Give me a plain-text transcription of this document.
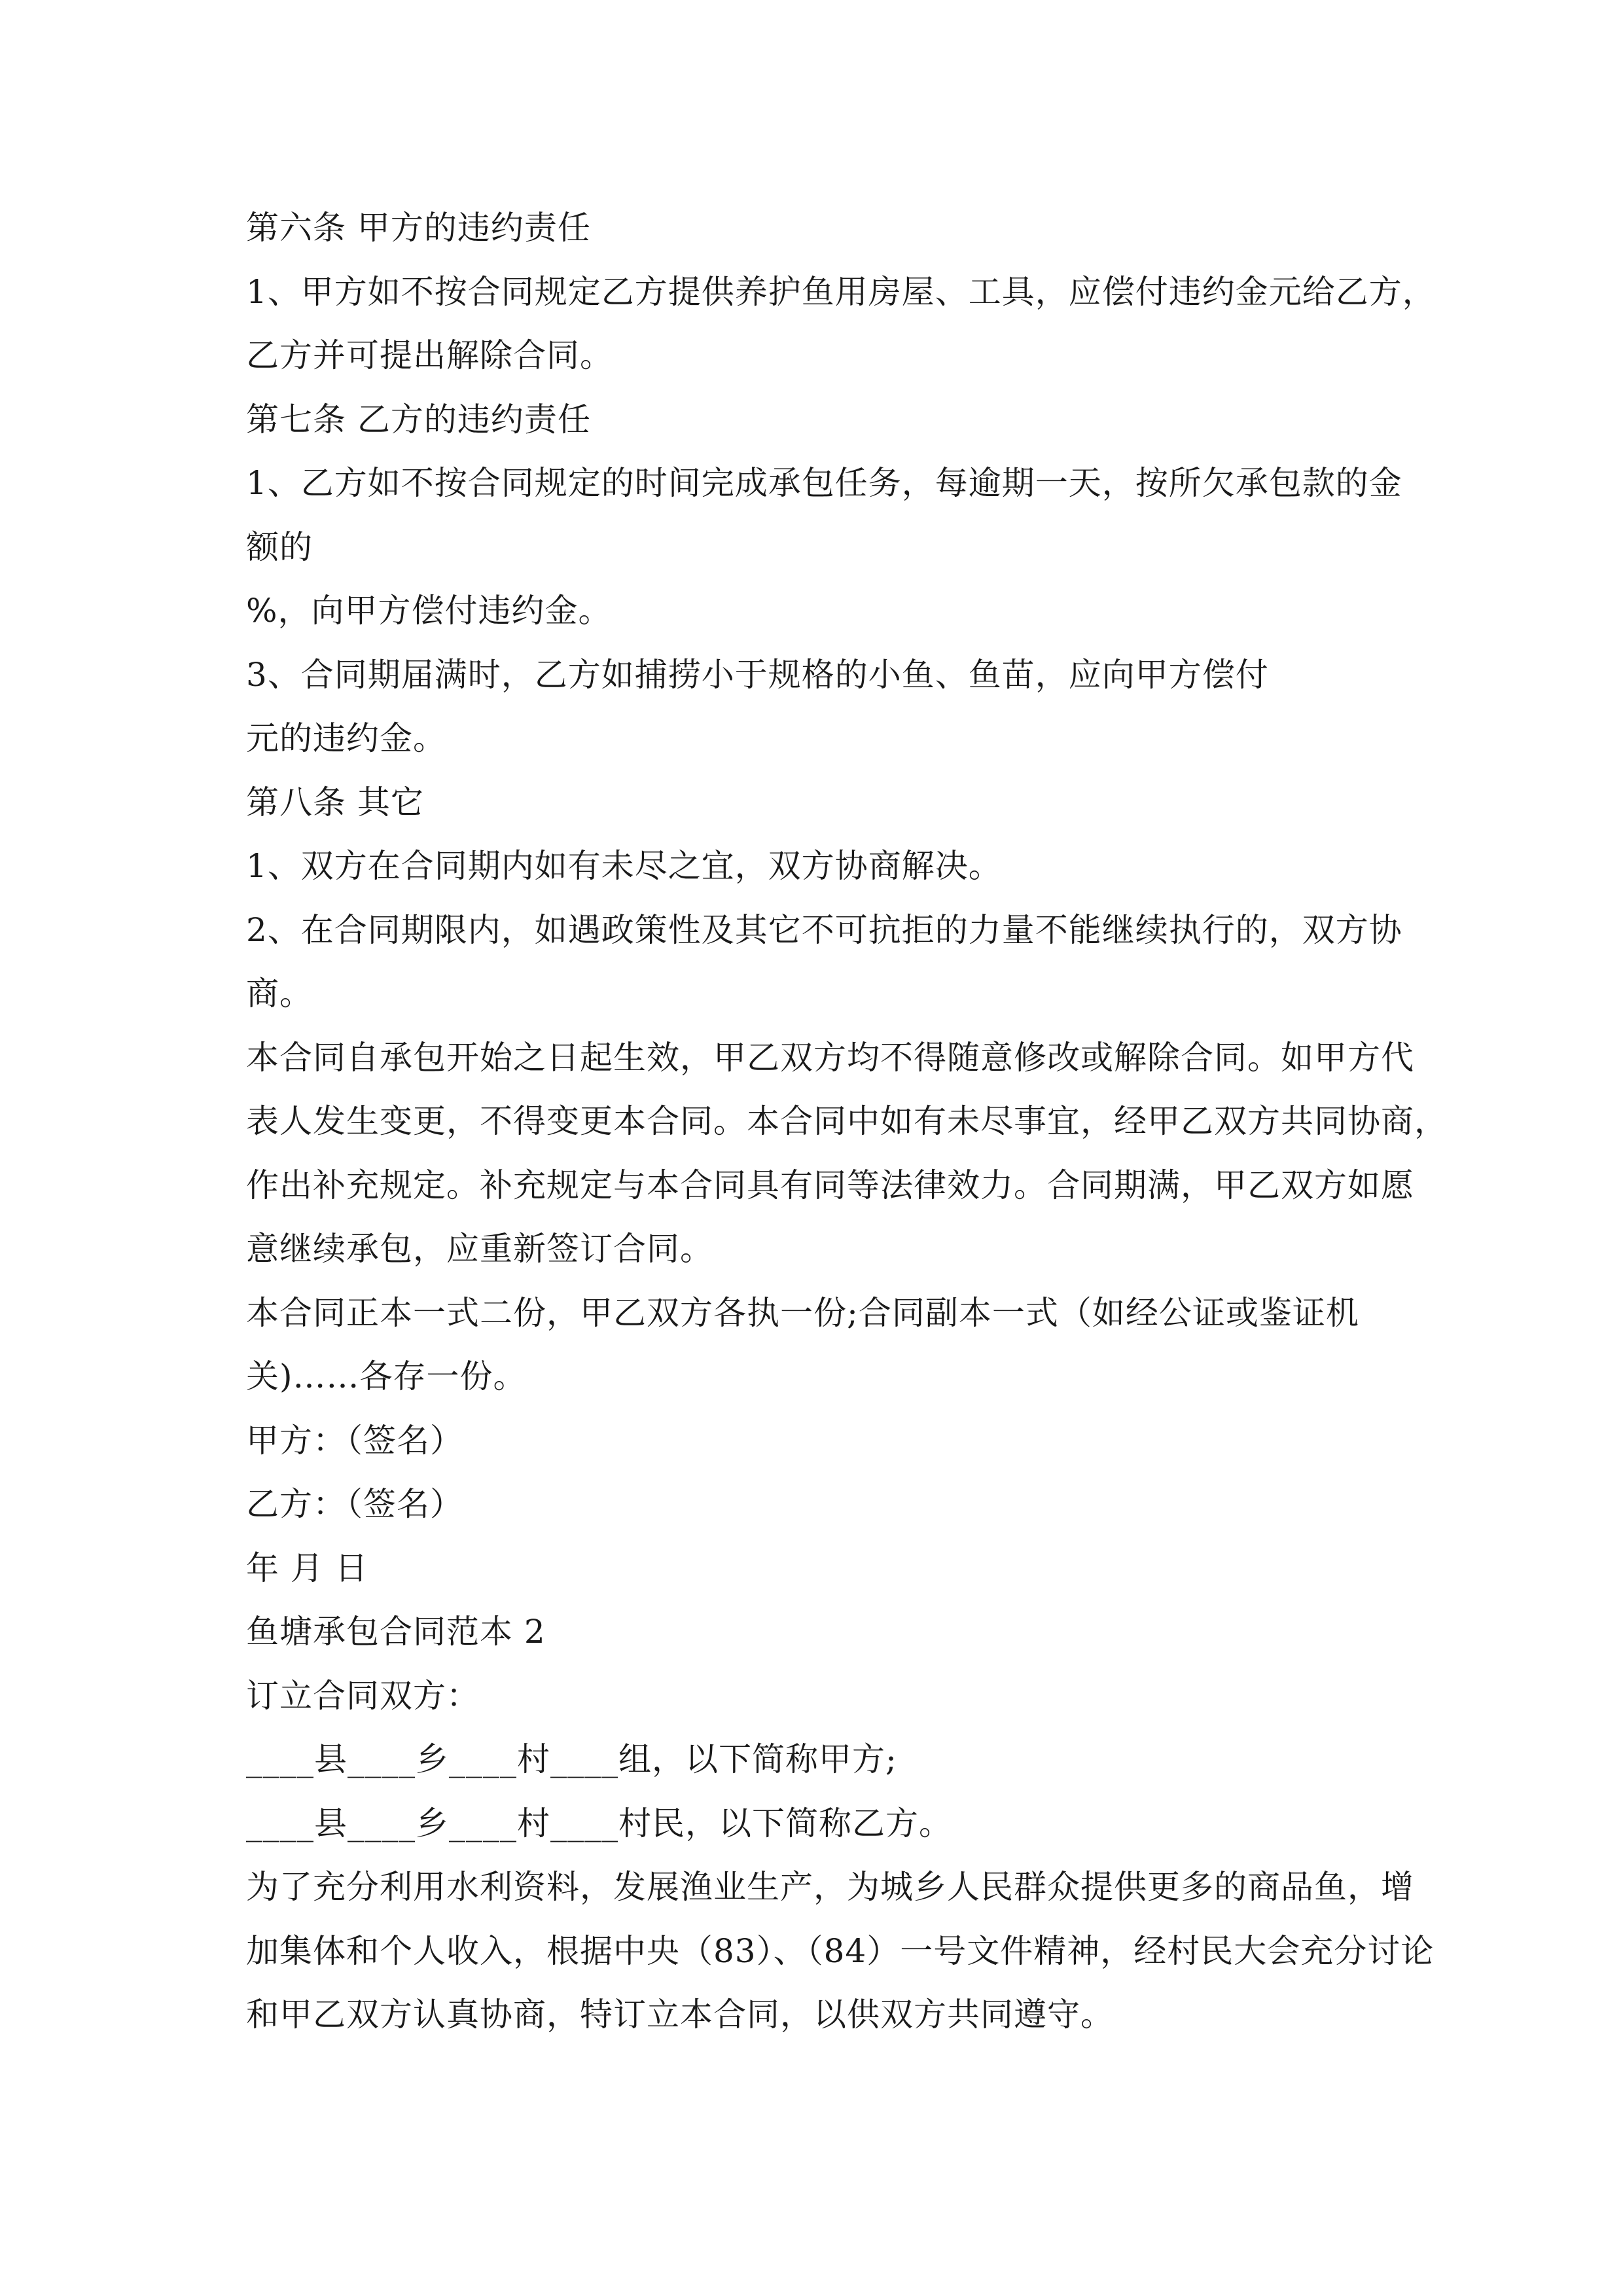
第六条 甲方的违约责任
1、甲方如不按合同规定乙方提供养护鱼用房屋、工具，应偿付违约金元给乙方，
乙方并可提出解除合同。
第七条 乙方的违约责任
1、乙方如不按合同规定的时间完成承包任务，每逾期一天，按所欠承包款的金
额的
%，向甲方偿付违约金。
3、合同期届满时，乙方如捕捞小于规格的小鱼、鱼苗，应向甲方偿付
元的违约金。
第八条 其它
1、双方在合同期内如有未尽之宜，双方协商解决。
2、在合同期限内，如遇政策性及其它不可抗拒的力量不能继续执行的，双方协
商。
本合同自承包开始之日起生效，甲乙双方均不得随意修改或解除合同。如甲方代
表人发生变更，不得变更本合同。本合同中如有未尽事宜，经甲乙双方共同协商，
作出补充规定。补充规定与本合同具有同等法律效力。合同期满，甲乙双方如愿
意继续承包，应重新签订合同。
本合同正本一式二份，甲乙双方各执一份;合同副本一式（如经公证或鉴证机
关)……各存一份。
甲方：（签名）
乙方：（签名）
年 月 日
鱼塘承包合同范本 2
订立合同双方：
____县____乡____村____组，以下简称甲方;
____县____乡____村____村民，以下简称乙方。
为了充分利用水利资料，发展渔业生产，为城乡人民群众提供更多的商品鱼，增
加集体和个人收入，根据中央（83）、（84）一号文件精神，经村民大会充分讨论
和甲乙双方认真协商，特订立本合同，以供双方共同遵守。
